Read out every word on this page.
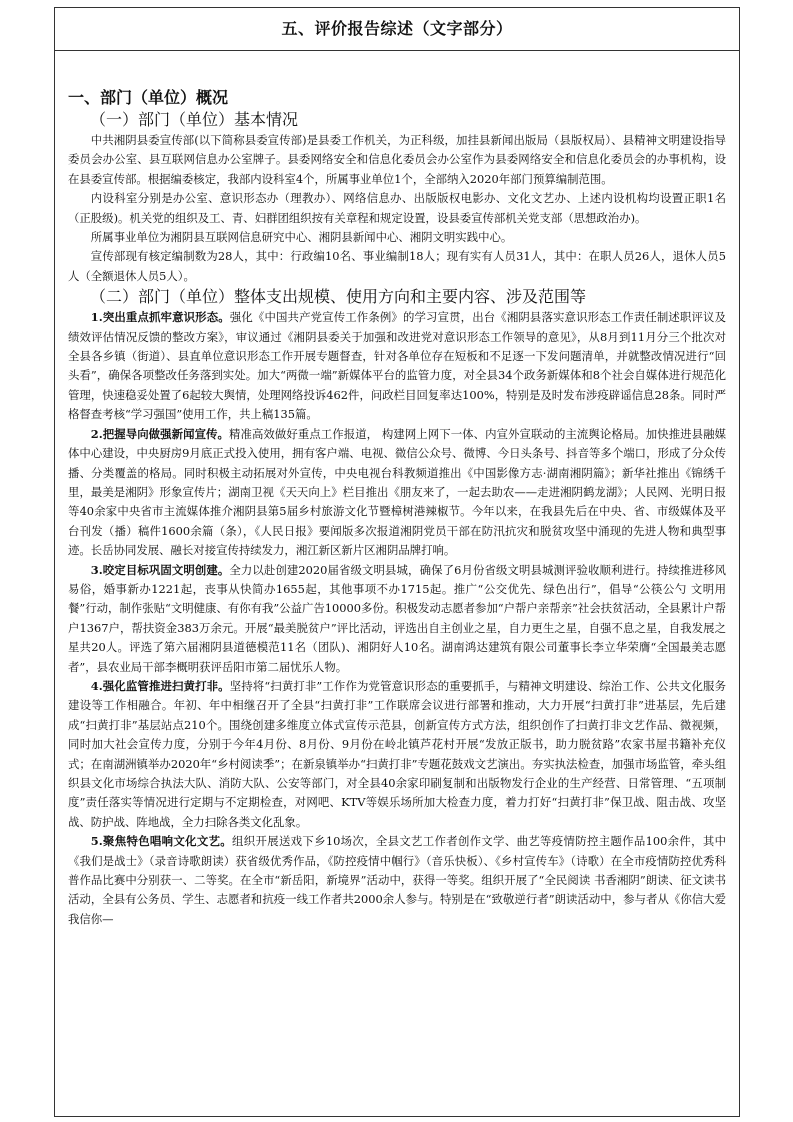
五、评价报告综述（文字部分）
一、部门（单位）概况
（一）部门（单位）基本情况

中共湘阴县委宣传部(以下简称县委宣传部)是县委工作机关，为正科级，加挂县新闻出版局（县版权局）、县精神文明建设指导委员会办公室、县互联网信息办公室牌子。县委网络安全和信息化委员会办公室作为县委网络安全和信息化委员会的办事机构，设在县委宣传部。根据编委核定，我部内设科室4个，所属事业单位1个，全部纳入2020年部门预算编制范围。

内设科室分别是办公室、意识形态办（理教办）、网络信息办、出版版权电影办、文化文艺办、上述内设机构均设置正职1名（正股级)。机关党的组织及工、青、妇群团组织按有关章程和规定设置，设县委宣传部机关党支部（思想政治办)。

所属事业单位为湘阴县互联网信息研究中心、湘阴县新闻中心、湘阴文明实践中心。

宣传部现有核定编制数为28人，其中：行政编10名、事业编制18人；现有实有人员31人，其中：在职人员26人，退休人员5人（全额退休人员5人）。

（二）部门（单位）整体支出规模、使用方向和主要内容、涉及范围等

1.突出重点抓牢意识形态。强化《中国共产党宣传工作条例》的学习宣贯，出台《湘阴县落实意识形态工作责任制述职评议及绩效评估情况反馈的整改方案》，审议通过《湘阴县委关于加强和改进党对意识形态工作领导的意见》，从8月到11月分三个批次对全县各乡镇（街道）、县直单位意识形态工作开展专题督查，针对各单位存在短板和不足逐一下发问题清单，并就整改情况进行“回头看”，确保各项整改任务落到实处。加大“两微一端”新媒体平台的监管力度，对全县34个政务新媒体和8个社会自媒体进行规范化管理，快速稳妥处置了6起较大舆情，处理网络投诉462件，问政栏目回复率达100%，特别是及时发布涉疫辟谣信息28条。同时严格督查考核“学习强国”使用工作，共上稿135篇。

2.把握导向做强新闻宣传。精准高效做好重点工作报道， 构建网上网下一体、内宣外宣联动的主流舆论格局。加快推进县融媒体中心建设，中央厨房9月底正式投入使用，拥有客户端、电视、微信公众号、微博、今日头条号、抖音等多个端口，形成了分众传播、分类覆盖的格局。同时积极主动拓展对外宣传，中央电视台科教频道推出《中国影像方志·湖南湘阴篇》；新华社推出《锦绣千里，最美是湘阴》形象宣传片；湖南卫视《天天向上》栏目推出《朋友来了，一起去助农——走进湘阴鹤龙湖》；人民网、光明日报等40余家中央省市主流媒体推介湘阴县第5届乡村旅游文化节暨樟树港辣椒节。今年以来，在我县先后在中央、省、市级媒体及平台刊发（播）稿件1600余篇（条），《人民日报》要闻版多次报道湘阴党员干部在防汛抗灾和脱贫攻坚中涌现的先进人物和典型事迹。长岳协同发展、融长对接宣传持续发力，湘江新区新片区湘阴品牌打响。

3.咬定目标巩固文明创建。全力以赴创建2020届省级文明县城，确保了6月份省级文明县城测评验收顺利进行。持续推进移风易俗，婚事新办1221起，丧事从快简办1655起，其他事项不办1715起。推广“公交优先、绿色出行”，倡导“公筷公勺 文明用餐”行动，制作张贴“文明健康、有你有我”公益广告10000多份。积极发动志愿者参加“户帮户亲帮亲”社会扶贫活动，全县累计户帮户1367户，帮扶资金383万余元。开展“最美脱贫户”评比活动，评选出自主创业之星，自力更生之星，自强不息之星，自我发展之星共20人。评选了第六届湘阴县道德模范11名（团队)、湘阴好人10名。湖南鸿达建筑有限公司董事长李立华荣膺“全国最美志愿者”，县农业局干部李概明获评岳阳市第二届忧乐人物。

4.强化监管推进扫黄打非。坚持将“扫黄打非”工作作为党管意识形态的重要抓手，与精神文明建设、综治工作、公共文化服务建设等工作相融合。年初、年中相继召开了全县“扫黄打非”工作联席会议进行部署和推动，大力开展“扫黄打非”进基层，先后建成“扫黄打非”基层站点210个。围绕创建多维度立体式宣传示范县，创新宣传方式方法，组织创作了扫黄打非文艺作品、微视频，同时加大社会宣传力度，分别于今年4月份、8月份、9月份在岭北镇芦花村开展“发放正版书，助力脱贫路”农家书屋书籍补充仪式；在南湖洲镇举办2020年“乡村阅读季”；在新泉镇举办“扫黄打非”专题花鼓戏文艺演出。夯实执法检查，加强市场监管，牵头组织县文化市场综合执法大队、消防大队、公安等部门，对全县40余家印刷复制和出版物发行企业的生产经营、日常管理、“五项制度”责任落实等情况进行定期与不定期检查，对网吧、KTV等娱乐场所加大检查力度，着力打好“扫黄打非”保卫战、阻击战、攻坚战、防护战、阵地战，全力扫除各类文化乱象。

5.聚焦特色唱响文化文艺。组织开展送戏下乡10场次，全县文艺工作者创作文学、曲艺等疫情防控主题作品100余件，其中《我们是战士》（录音诗歌朗读）获省级优秀作品，《防控疫情中帼行》（音乐快板）、《乡村宣传车》（诗歌）在全市疫情防控优秀科普作品比赛中分别获一、二等奖。在全市“新岳阳，新境界”活动中，获得一等奖。组织开展了“全民阅读 书香湘阴”朗读、征文读书活动，全县有公务员、学生、志愿者和抗疫一线工作者共2000余人参与。特别是在“致敬逆行者”朗读活动中，参与者从《你信大爱我信你—
